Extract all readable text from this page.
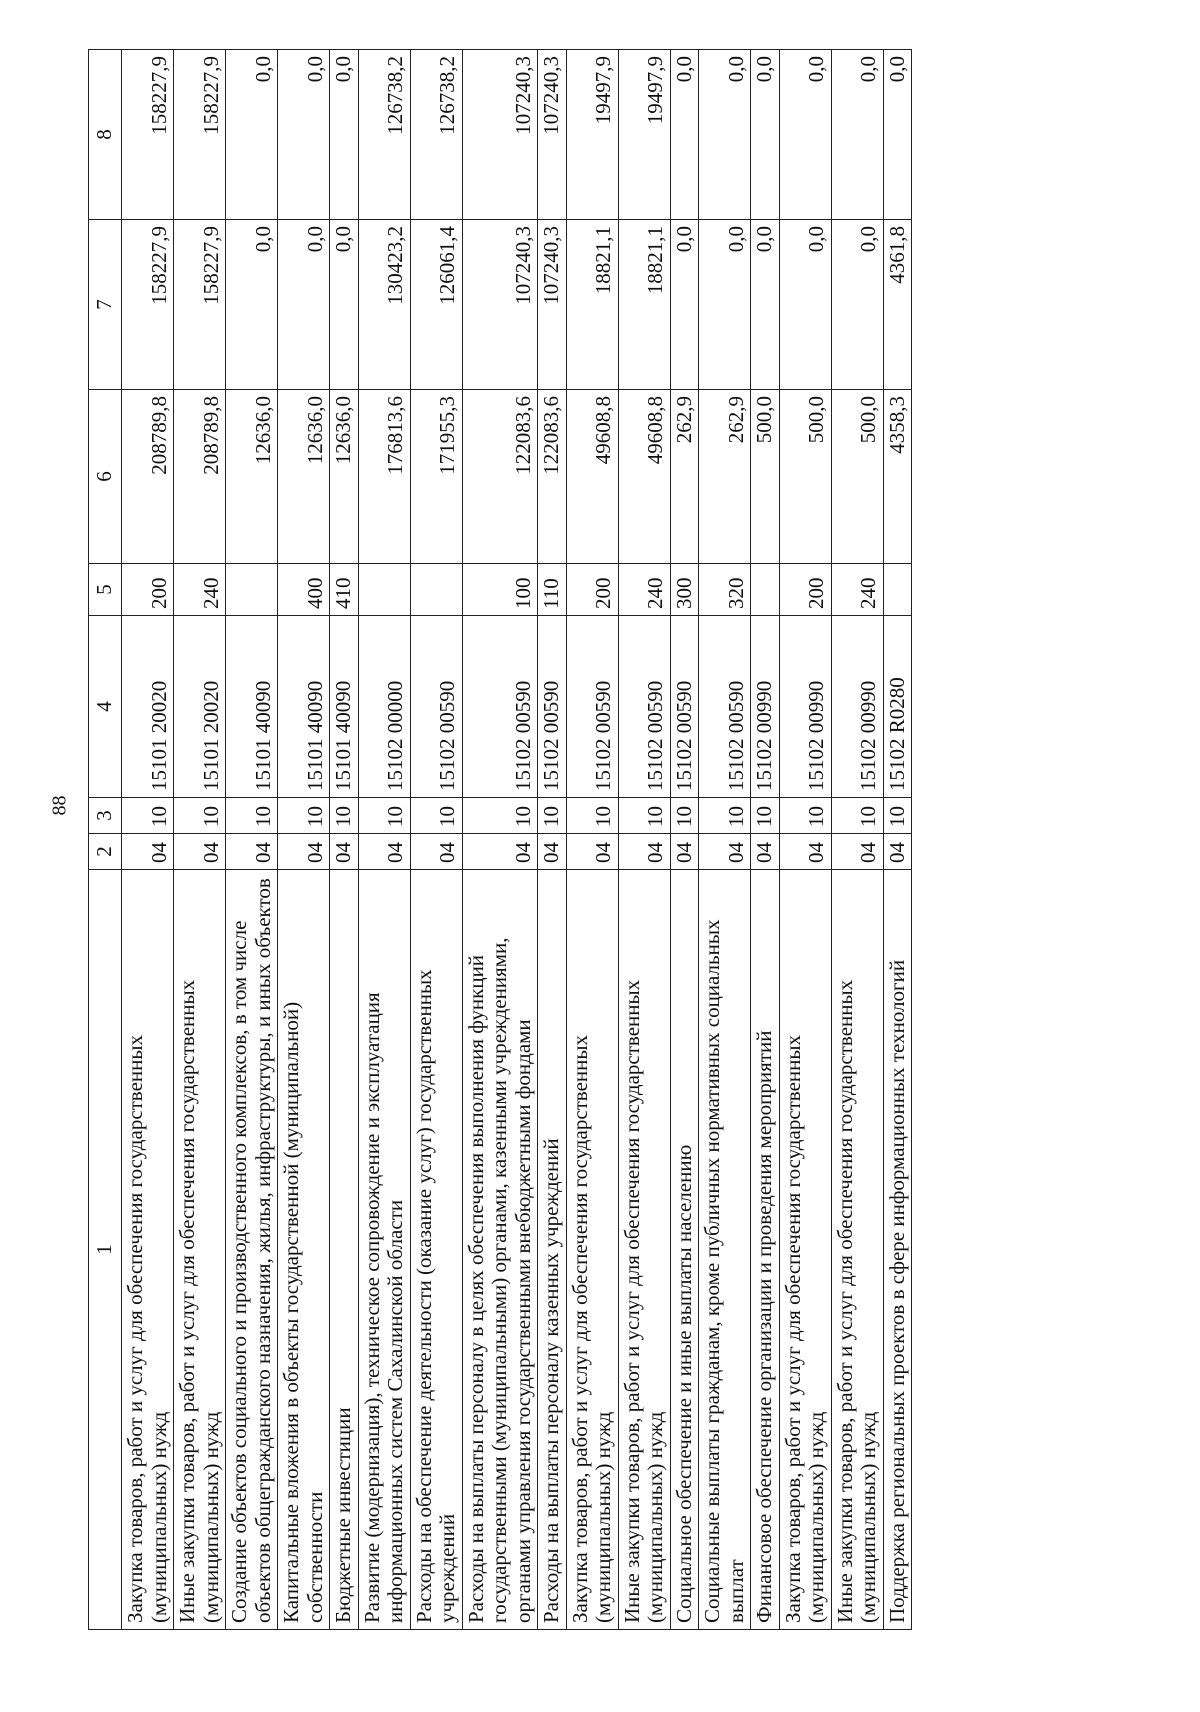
88
1	2	3	4	5	6	7	8
Закупка товаров, работ и услуг для обеспечения государственных (муниципальных) нужд	04	10	15101 20020	200	208789,8	158227,9	158227,9
Иные закупки товаров, работ и услуг для обеспечения государственных (муниципальных) нужд	04	10	15101 20020	240	208789,8	158227,9	158227,9
Создание объектов социального и производственного комплексов, в том числе объектов общегражданского назначения, жилья, инфраструктуры, и иных объектов	04	10	15101 40090		12636,0	0,0	0,0
Капитальные вложения в объекты государственной (муниципальной) собственности	04	10	15101 40090	400	12636,0	0,0	0,0
Бюджетные инвестиции	04	10	15101 40090	410	12636,0	0,0	0,0
Развитие (модернизация), техническое сопровождение и эксплуатация информационных систем Сахалинской области	04	10	15102 00000		176813,6	130423,2	126738,2
Расходы на обеспечение деятельности (оказание услуг) государственных учреждений	04	10	15102 00590		171955,3	126061,4	126738,2
Расходы на выплаты персоналу в целях обеспечения выполнения функций государственными (муниципальными) органами, казенными учреждениями, органами управления государственными внебюджетными фондами	04	10	15102 00590	100	122083,6	107240,3	107240,3
Расходы на выплаты персоналу казенных учреждений	04	10	15102 00590	110	122083,6	107240,3	107240,3
Закупка товаров, работ и услуг для обеспечения государственных (муниципальных) нужд	04	10	15102 00590	200	49608,8	18821,1	19497,9
Иные закупки товаров, работ и услуг для обеспечения государственных (муниципальных) нужд	04	10	15102 00590	240	49608,8	18821,1	19497,9
Социальное обеспечение и иные выплаты населению	04	10	15102 00590	300	262,9	0,0	0,0
Социальные выплаты гражданам, кроме публичных нормативных социальных выплат	04	10	15102 00590	320	262,9	0,0	0,0
Финансовое обеспечение организации и проведения мероприятий	04	10	15102 00990		500,0	0,0	0,0
Закупка товаров, работ и услуг для обеспечения государственных (муниципальных) нужд	04	10	15102 00990	200	500,0	0,0	0,0
Иные закупки товаров, работ и услуг для обеспечения государственных (муниципальных) нужд	04	10	15102 00990	240	500,0	0,0	0,0
Поддержка региональных проектов в сфере информационных технологий	04	10	15102 R0280		4358,3	4361,8	0,0
